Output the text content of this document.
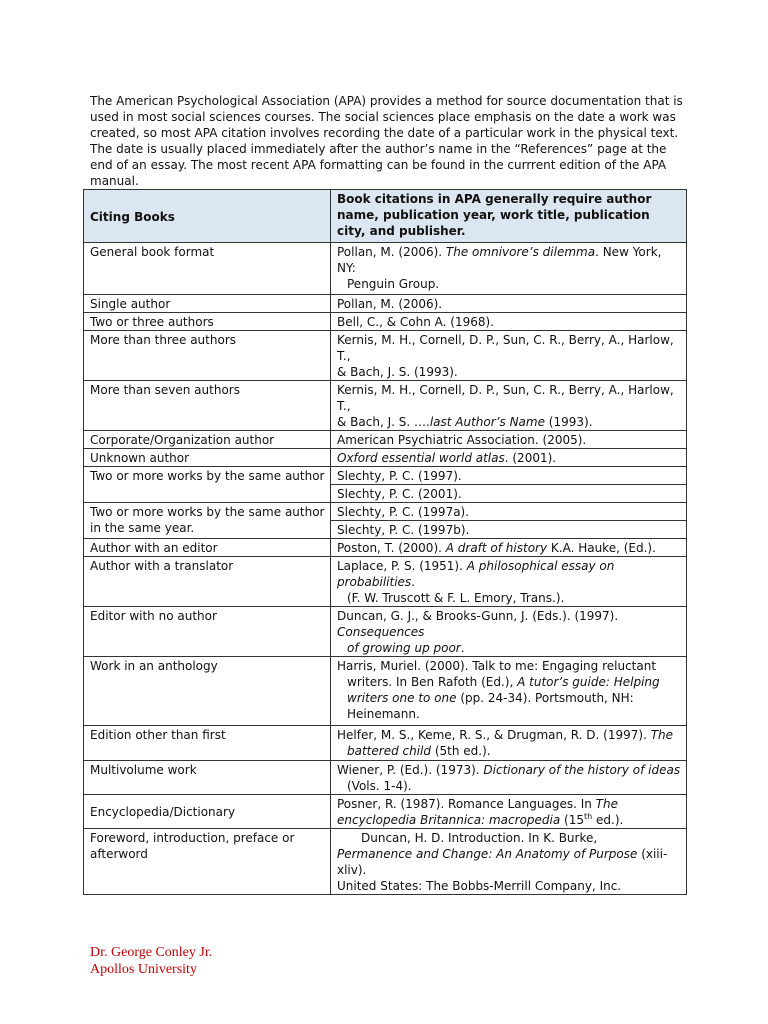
The American Psychological Association (APA) provides a method for source documentation that is used in most social sciences courses. The social sciences place emphasis on the date a work was created, so most APA citation involves recording the date of a particular work in the physical text. The date is usually placed immediately after the author’s name in the “References” page at the end of an essay. The most recent APA formatting can be found in the currrent edition of the APA manual.

Citing Books	Book citations in APA generally require author name, publication year, work title, publication city, and publisher.
General book format	Pollan, M. (2006). The omnivore’s dilemma. New York, NY:
Penguin Group.

Single author	Pollan, M. (2006).
Two or three authors	Bell, C., & Cohn A. (1968).
More than three authors	Kernis, M. H., Cornell, D. P., Sun, C. R., Berry, A., Harlow, T.,
& Bach, J. S. (1993).
More than seven authors	Kernis, M. H., Cornell, D. P., Sun, C. R., Berry, A., Harlow, T.,
& Bach, J. S. ….last Author’s Name (1993).
Corporate/Organization author	American Psychiatric Association. (2005).
Unknown author	Oxford essential world atlas. (2001).
Two or more works by the same author	Slechty, P. C. (1997).
	Slechty, P. C. (2001).
Two or more works by the same author in the same year.	Slechty, P. C. (1997a).
	Slechty, P. C. (1997b).
Author with an editor	Poston, T. (2000). A draft of history K.A. Hauke, (Ed.).
Author with a translator	Laplace, P. S. (1951). A philosophical essay on probabilities.
(F. W. Truscott & F. L. Emory, Trans.).

Editor with no author	Duncan, G. J., & Brooks-Gunn, J. (Eds.). (1997). Consequences
of growing up poor.

Work in an anthology	Harris, Muriel. (2000). Talk to me: Engaging reluctant
writers. In Ben Rafoth (Ed.), A tutor’s guide: Helping
writers one to one (pp. 24-34). Portsmouth, NH:
Heinemann.

Edition other than first	Helfer, M. S., Keme, R. S., & Drugman, R. D. (1997). The
battered child (5th ed.).

Multivolume work	Wiener, P. (Ed.). (1973). Dictionary of the history of ideas
(Vols. 1-4).

Encyclopedia/Dictionary	Posner, R. (1987). Romance Languages. In The
encyclopedia Britannica: macropedia (15th ed.).
Foreword, introduction, preface or afterword	Duncan, H. D. Introduction. In K. Burke,
Permanence and Change: An Anatomy of Purpose (xiii-xliv).
United States: The Bobbs-Merrill Company, Inc.
Dr. George Conley Jr.
Apollos University
